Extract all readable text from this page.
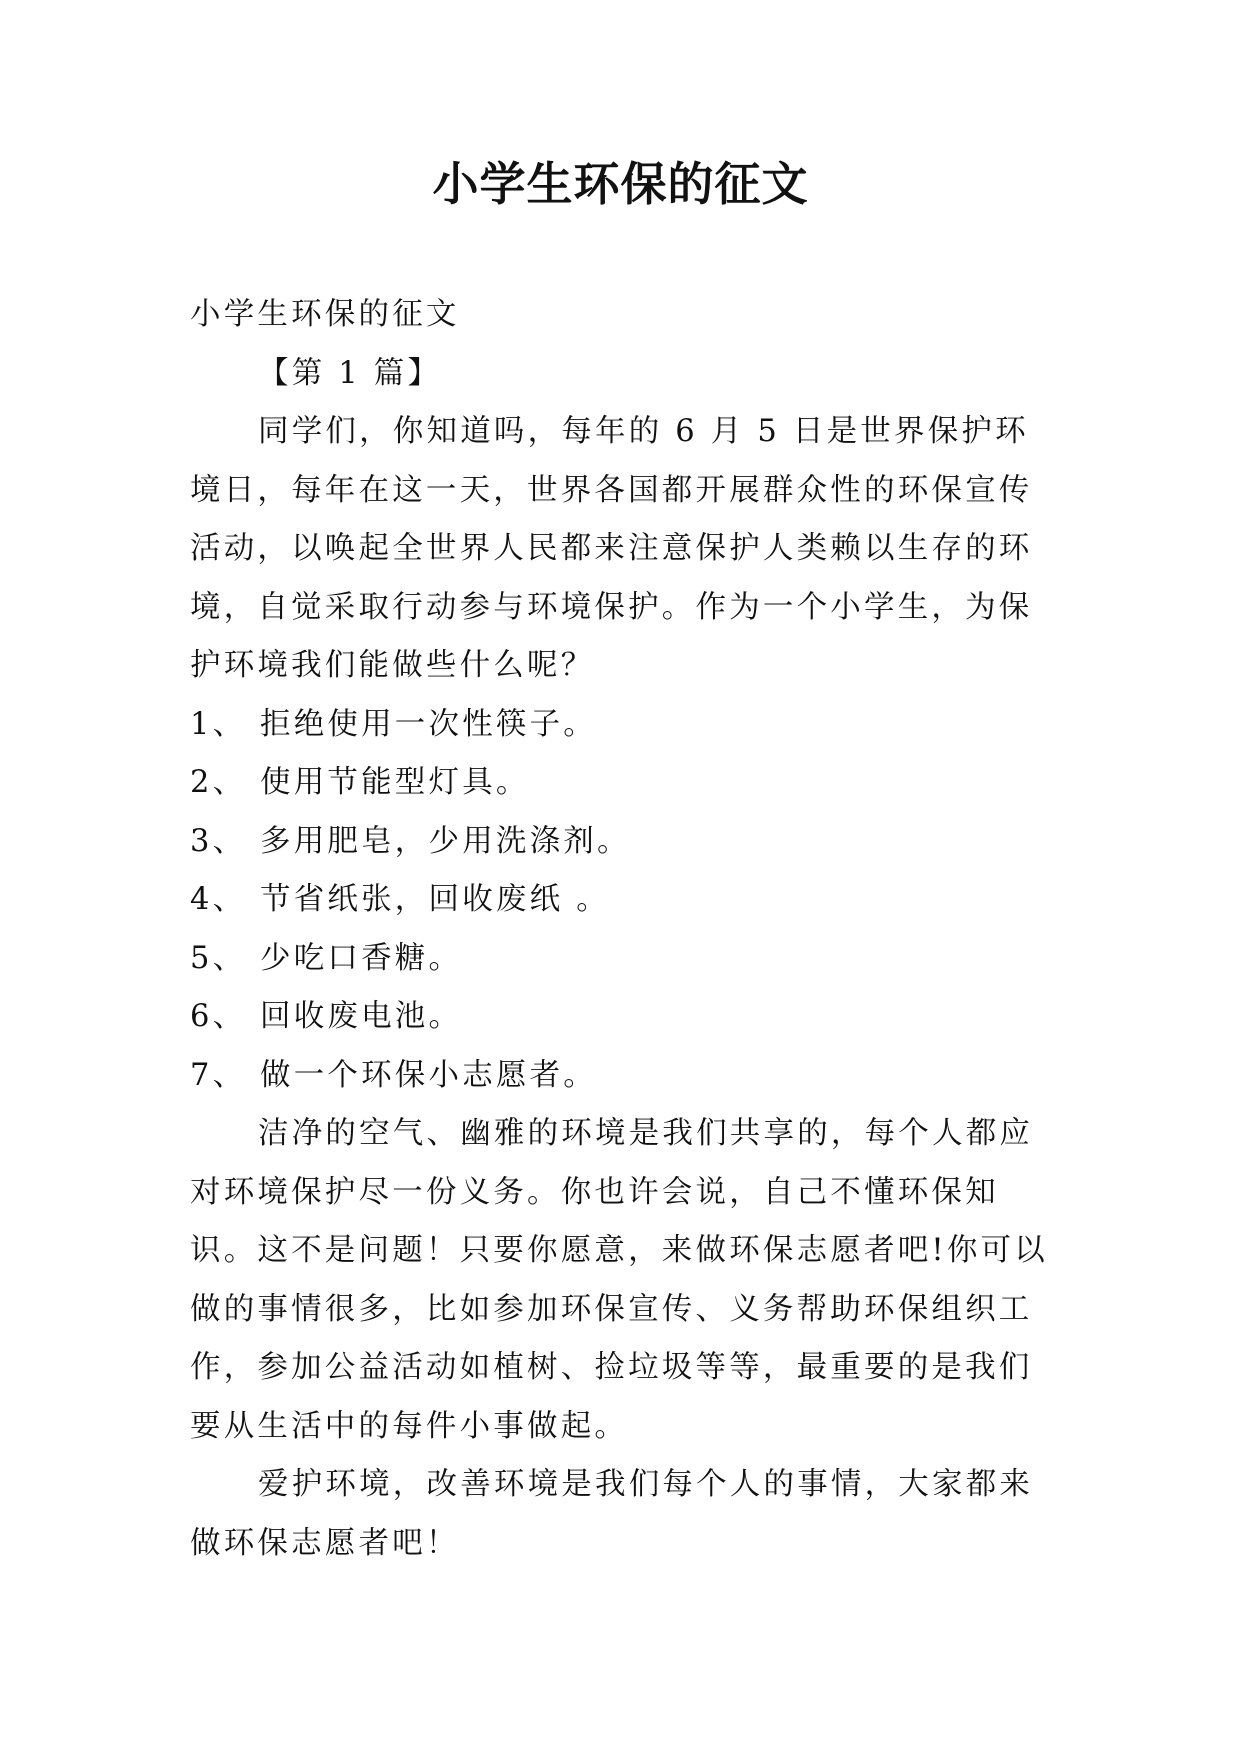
小学生环保的征文

小学生环保的征文

【第 1 篇】

同学们，你知道吗，每年的 6 月 5 日是世界保护环境日，每年在这一天，世界各国都开展群众性的环保宣传活动，以唤起全世界人民都来注意保护人类赖以生存的环境，自觉采取行动参与环境保护。作为一个小学生，为保护环境我们能做些什么呢？

1、 拒绝使用一次性筷子。

2、 使用节能型灯具。

3、 多用肥皂，少用洗涤剂。

4、 节省纸张，回收废纸 。

5、 少吃口香糖。

6、 回收废电池。

7、 做一个环保小志愿者。

洁净的空气、幽雅的环境是我们共享的，每个人都应对环境保护尽一份义务。你也许会说，自己不懂环保知识。这不是问题！只要你愿意，来做环保志愿者吧!你可以做的事情很多，比如参加环保宣传、义务帮助环保组织工作，参加公益活动如植树、捡垃圾等等，最重要的是我们要从生活中的每件小事做起。

爱护环境，改善环境是我们每个人的事情，大家都来做环保志愿者吧！
